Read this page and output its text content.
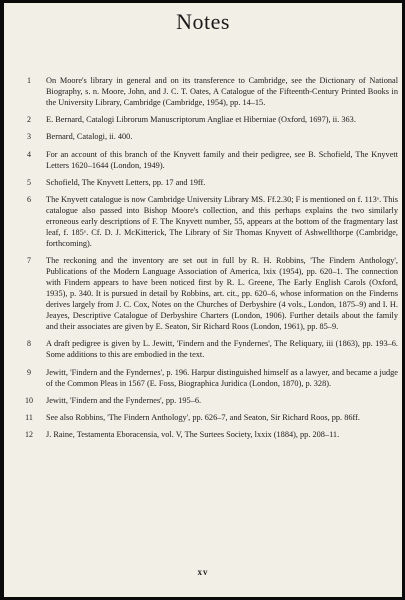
Notes
1	On Moore's library in general and on its transference to Cambridge, see the Dictionary of National Biography, s. n. Moore, John, and J. C. T. Oates, A Catalogue of the Fifteenth-Century Printed Books in the University Library, Cambridge (Cambridge, 1954), pp. 14–15.
2	E. Bernard, Catalogi Librorum Manuscriptorum Angliae et Hiberniae (Oxford, 1697), ii. 363.
3	Bernard, Catalogi, ii. 400.
4	For an account of this branch of the Knyvett family and their pedigree, see B. Schofield, The Knyvett Letters 1620–1644 (London, 1949).
5	Schofield, The Knyvett Letters, pp. 17 and 19ff.
6	The Knyvett catalogue is now Cambridge University Library MS. Ff.2.30; F is mentioned on f. 113ᵛ. This catalogue also passed into Bishop Moore's collection, and this perhaps explains the two similarly erroneous early descriptions of F. The Knyvett number, 55, appears at the bottom of the fragmentary last leaf, f. 185ᵛ. Cf. D. J. McKitterick, The Library of Sir Thomas Knyvett of Ashwellthorpe (Cambridge, forthcoming).
7	The reckoning and the inventory are set out in full by R. H. Robbins, 'The Findern Anthology', Publications of the Modern Language Association of America, lxix (1954), pp. 620–1. The connection with Findern appears to have been noticed first by R. L. Greene, The Early English Carols (Oxford, 1935), p. 340. It is pursued in detail by Robbins, art. cit., pp. 620–6, whose information on the Finderns derives largely from J. C. Cox, Notes on the Churches of Derbyshire (4 vols., London, 1875–9) and I. H. Jeayes, Descriptive Catalogue of Derbyshire Charters (London, 1906). Further details about the family and their associates are given by E. Seaton, Sir Richard Roos (London, 1961), pp. 85–9.
8	A draft pedigree is given by L. Jewitt, 'Findern and the Fyndernes', The Reliquary, iii (1863), pp. 193–6. Some additions to this are embodied in the text.
9	Jewitt, 'Findern and the Fyndernes', p. 196. Harpur distinguished himself as a lawyer, and became a judge of the Common Pleas in 1567 (E. Foss, Biographica Juridica (London, 1870), p. 328).
10	Jewitt, 'Findern and the Fyndernes', pp. 195–6.
11	See also Robbins, 'The Findern Anthology', pp. 626–7, and Seaton, Sir Richard Roos, pp. 86ff.
12	J. Raine, Testamenta Eboracensia, vol. V, The Surtees Society, lxxix (1884), pp. 208–11.
xv
